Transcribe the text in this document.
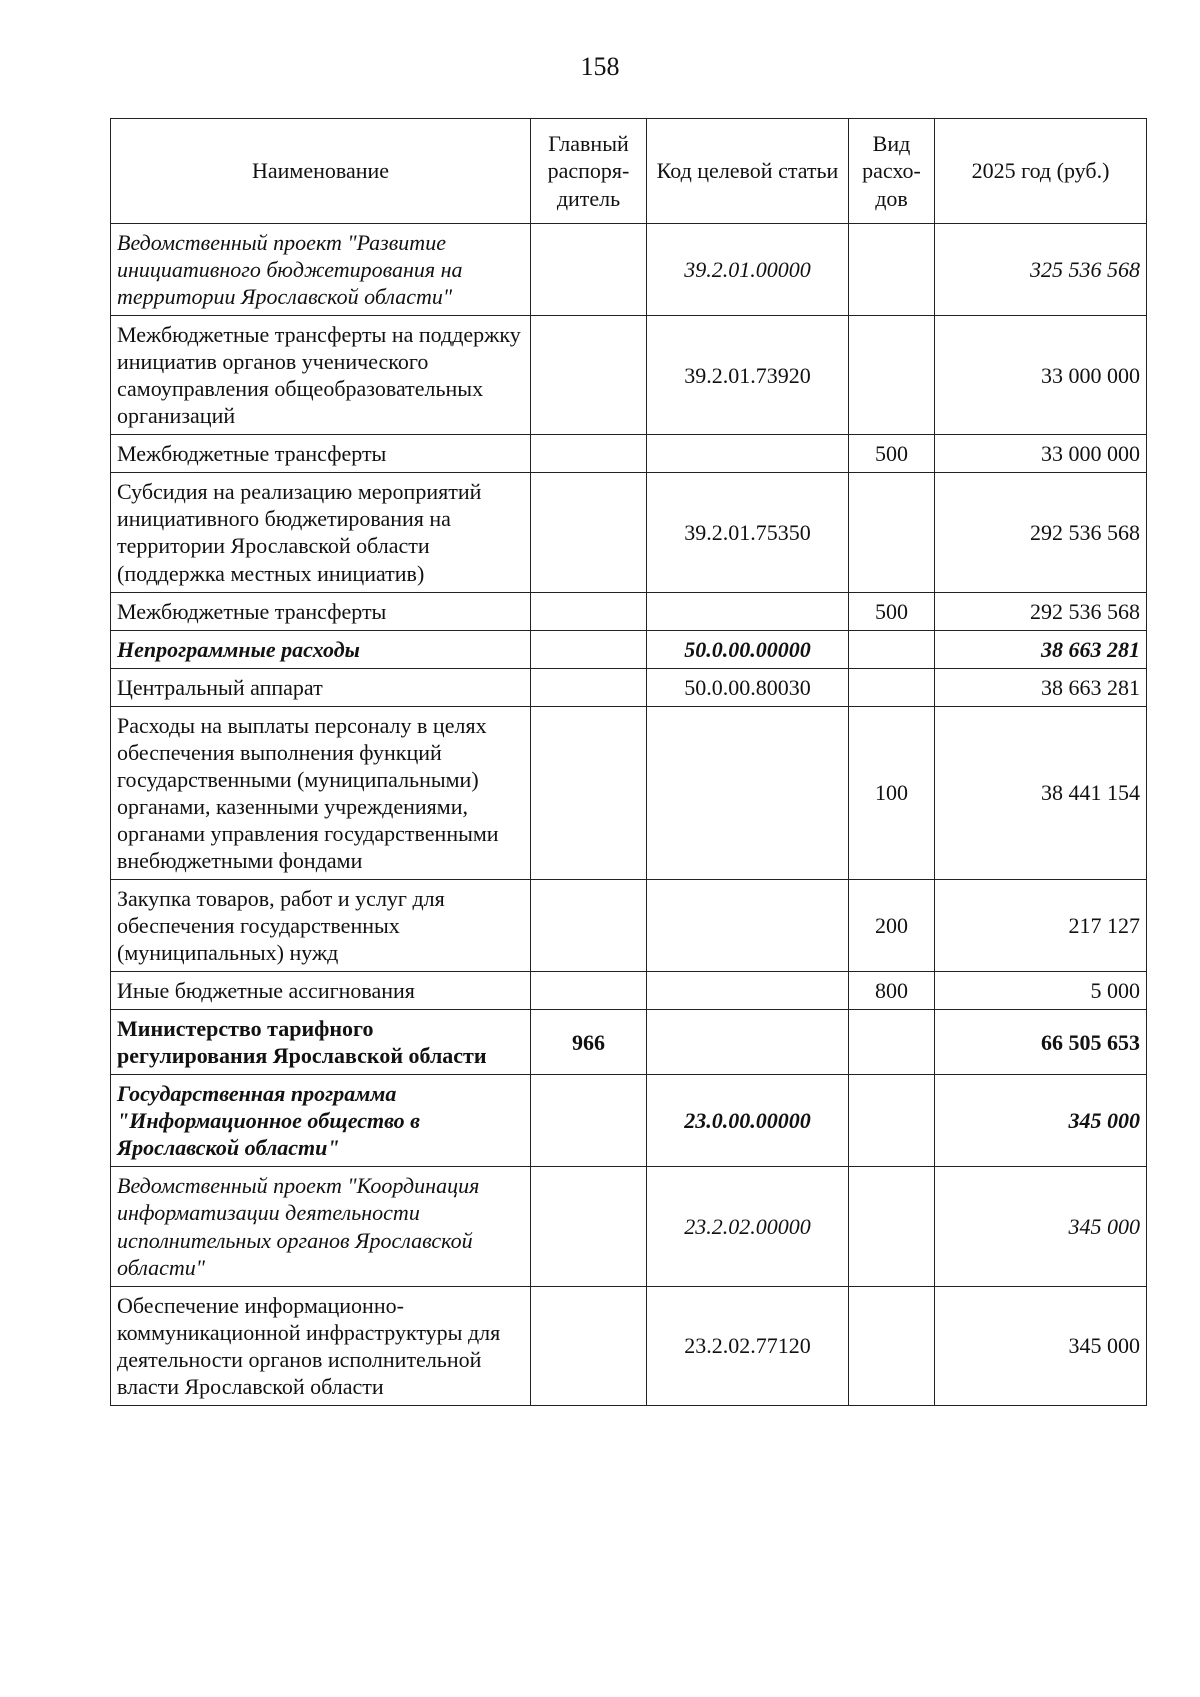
158
Наименование	Главный распоря-дитель	Код целевой статьи	Вид расхо-дов	2025 год (руб.)
Ведомственный проект "Развитие инициативного бюджетирования на территории Ярославской области"		39.2.01.00000		325 536 568
Межбюджетные трансферты на поддержку инициатив органов ученического самоуправления общеобразовательных организаций		39.2.01.73920		33 000 000
Межбюджетные трансферты			500	33 000 000
Субсидия на реализацию мероприятий инициативного бюджетирования на территории Ярославской области (поддержка местных инициатив)		39.2.01.75350		292 536 568
Межбюджетные трансферты			500	292 536 568
Непрограммные расходы		50.0.00.00000		38 663 281
Центральный аппарат		50.0.00.80030		38 663 281
Расходы на выплаты персоналу в целях обеспечения выполнения функций государственными (муниципальными) органами, казенными учреждениями, органами управления государственными внебюджетными фондами			100	38 441 154
Закупка товаров, работ и услуг для обеспечения государственных (муниципальных) нужд			200	217 127
Иные бюджетные ассигнования			800	5 000
Министерство тарифного регулирования Ярославской области	966			66 505 653
Государственная программа "Информационное общество в Ярославской области"		23.0.00.00000		345 000
Ведомственный проект "Координация информатизации деятельности исполнительных органов Ярославской области"		23.2.02.00000		345 000
Обеспечение информационно-коммуникационной инфраструктуры для деятельности органов исполнительной власти Ярославской области		23.2.02.77120		345 000
